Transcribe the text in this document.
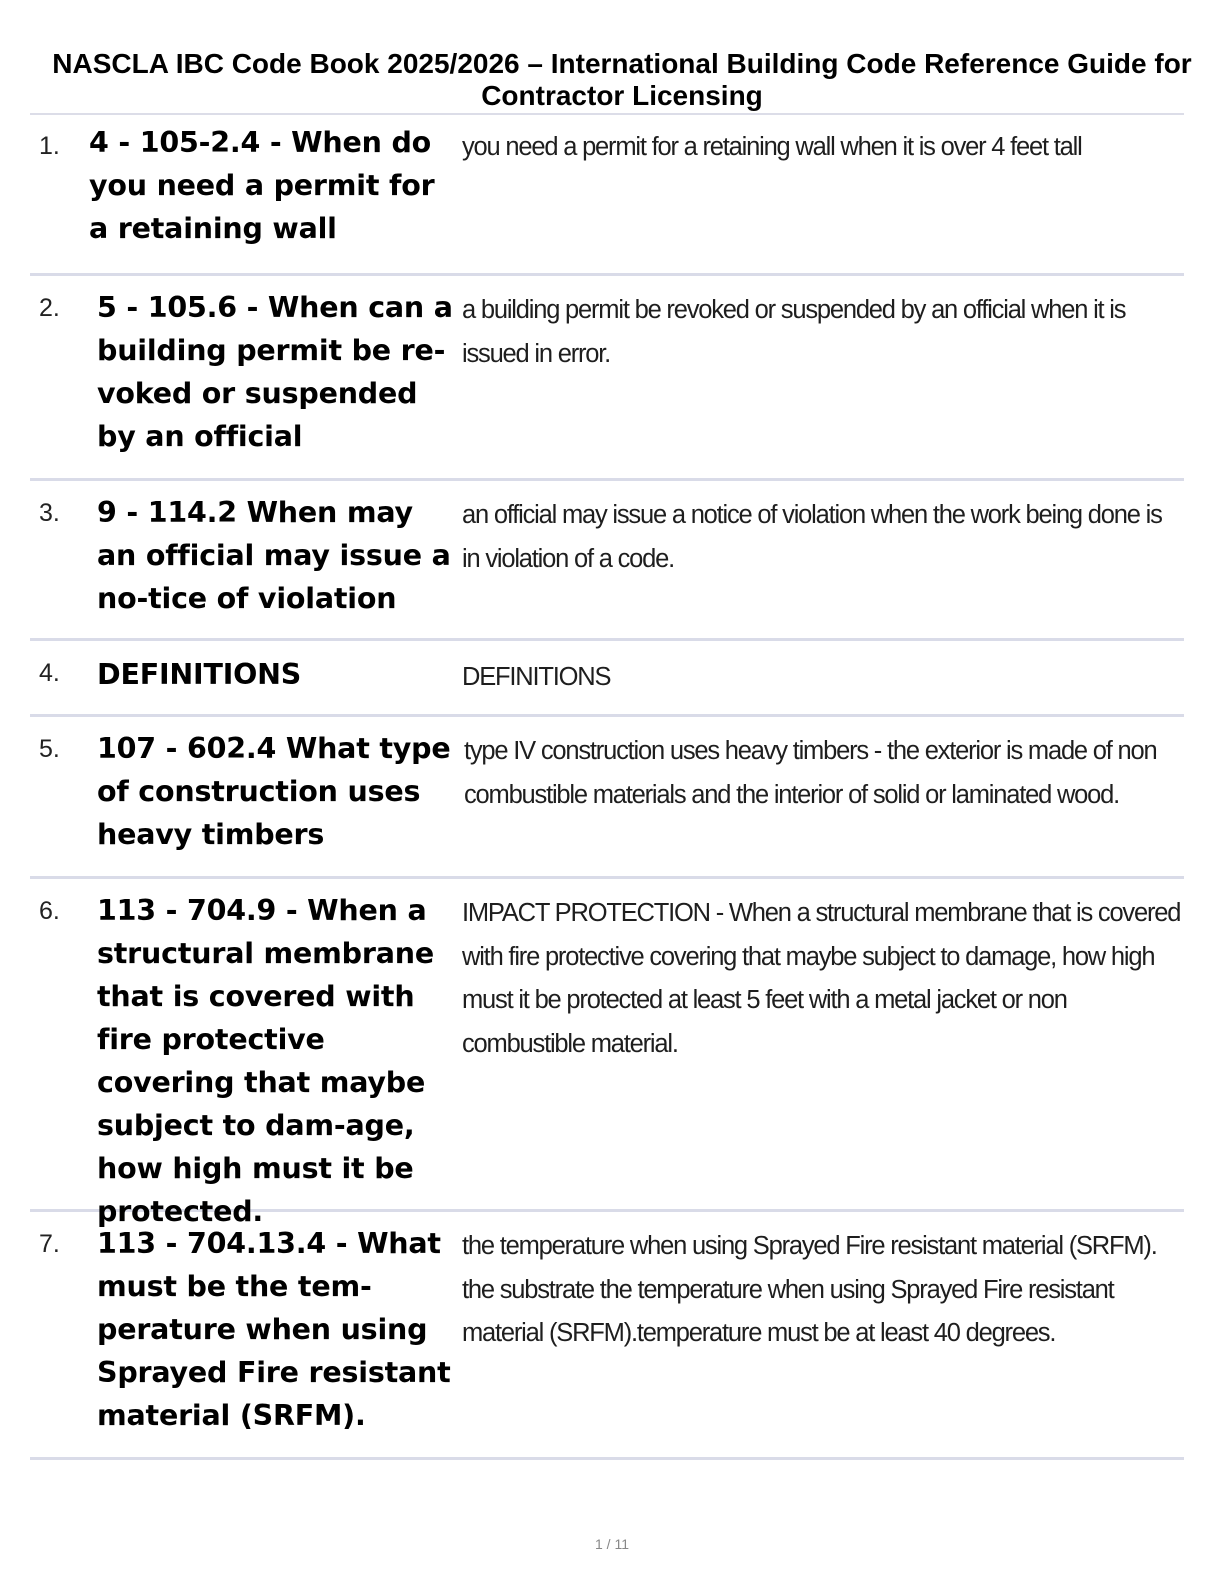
NASCLA IBC Code Book 2025/2026 – International Building Code Reference Guide for Contractor Licensing
1. 4 - 105-2.4 - When do you need a permit for a retaining wall
you need a permit for a retaining wall when it is over 4 feet tall
2. 5 - 105.6 - When can a building permit be re-voked or suspended by an official
a building permit be revoked or suspended by an official when it is issued in error.
3. 9 - 114.2 When may an official may issue a no-tice of violation
an official may issue a notice of violation when the work being done is in violation of a code.
4. DEFINITIONS	DEFINITIONS
5. 107 - 602.4 What type of construction uses heavy timbers
type IV construction uses heavy timbers - the exterior is made of non combustible materials and the interior of solid or laminated wood.
6. 113 - 704.9 - When a structural membrane that is covered with fire protective covering that maybe subject to dam-age, how high must it be protected.
IMPACT PROTECTION - When a structural membrane that is covered with fire protective covering that maybe subject to damage, how high must it be protected at least 5 feet with a metal jacket or non combustible material.
7. 113 - 704.13.4 - What must be the tem-perature when using Sprayed Fire resistant material (SRFM).
the temperature when using Sprayed Fire resistant material (SRFM). the substrate the temperature when using Sprayed Fire resistant material (SRFM).temperature must be at least 40 degrees.
1 / 11
